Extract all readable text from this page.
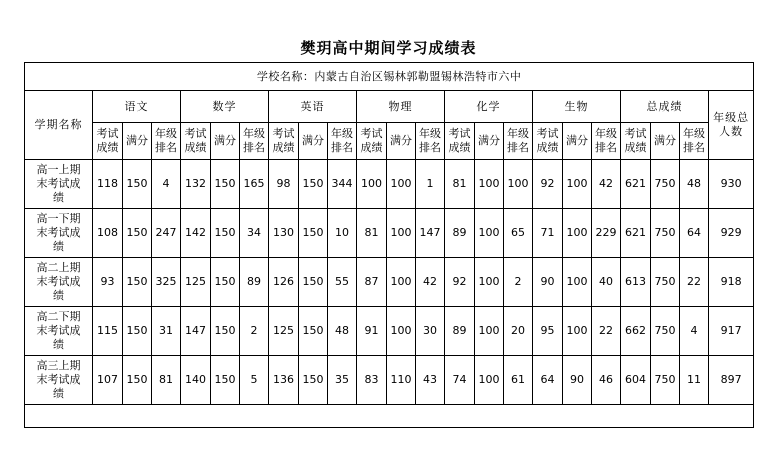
樊玥高中期间学习成绩表
学校名称：内蒙古自治区锡林郭勒盟锡林浩特市六中																						
学期名称	语文			数学			英语			物理			化学			生物			总成绩			年级总人数

	考试成绩	满分	年级排名	考试成绩	满分	年级排名	考试成绩	满分	年级排名	考试成绩	满分	年级排名	考试成绩	满分	年级排名	考试成绩	满分	年级排名	考试成绩	满分	年级排名	

高一上期末考试成绩	118	150	4	132	150	165	98	150	344	100	100	1	81	100	100	92	100	42	621	750	48	930

高一下期末考试成绩	108	150	247	142	150	34	130	150	10	81	100	147	89	100	65	71	100	229	621	750	64	929

高二上期末考试成绩	93	150	325	125	150	89	126	150	55	87	100	42	92	100	2	90	100	40	613	750	22	918

高二下期末考试成绩	115	150	31	147	150	2	125	150	48	91	100	30	89	100	20	95	100	22	662	750	4	917

高三上期末考试成绩	107	150	81	140	150	5	136	150	35	83	110	43	74	100	61	64	90	46	604	750	11	897
